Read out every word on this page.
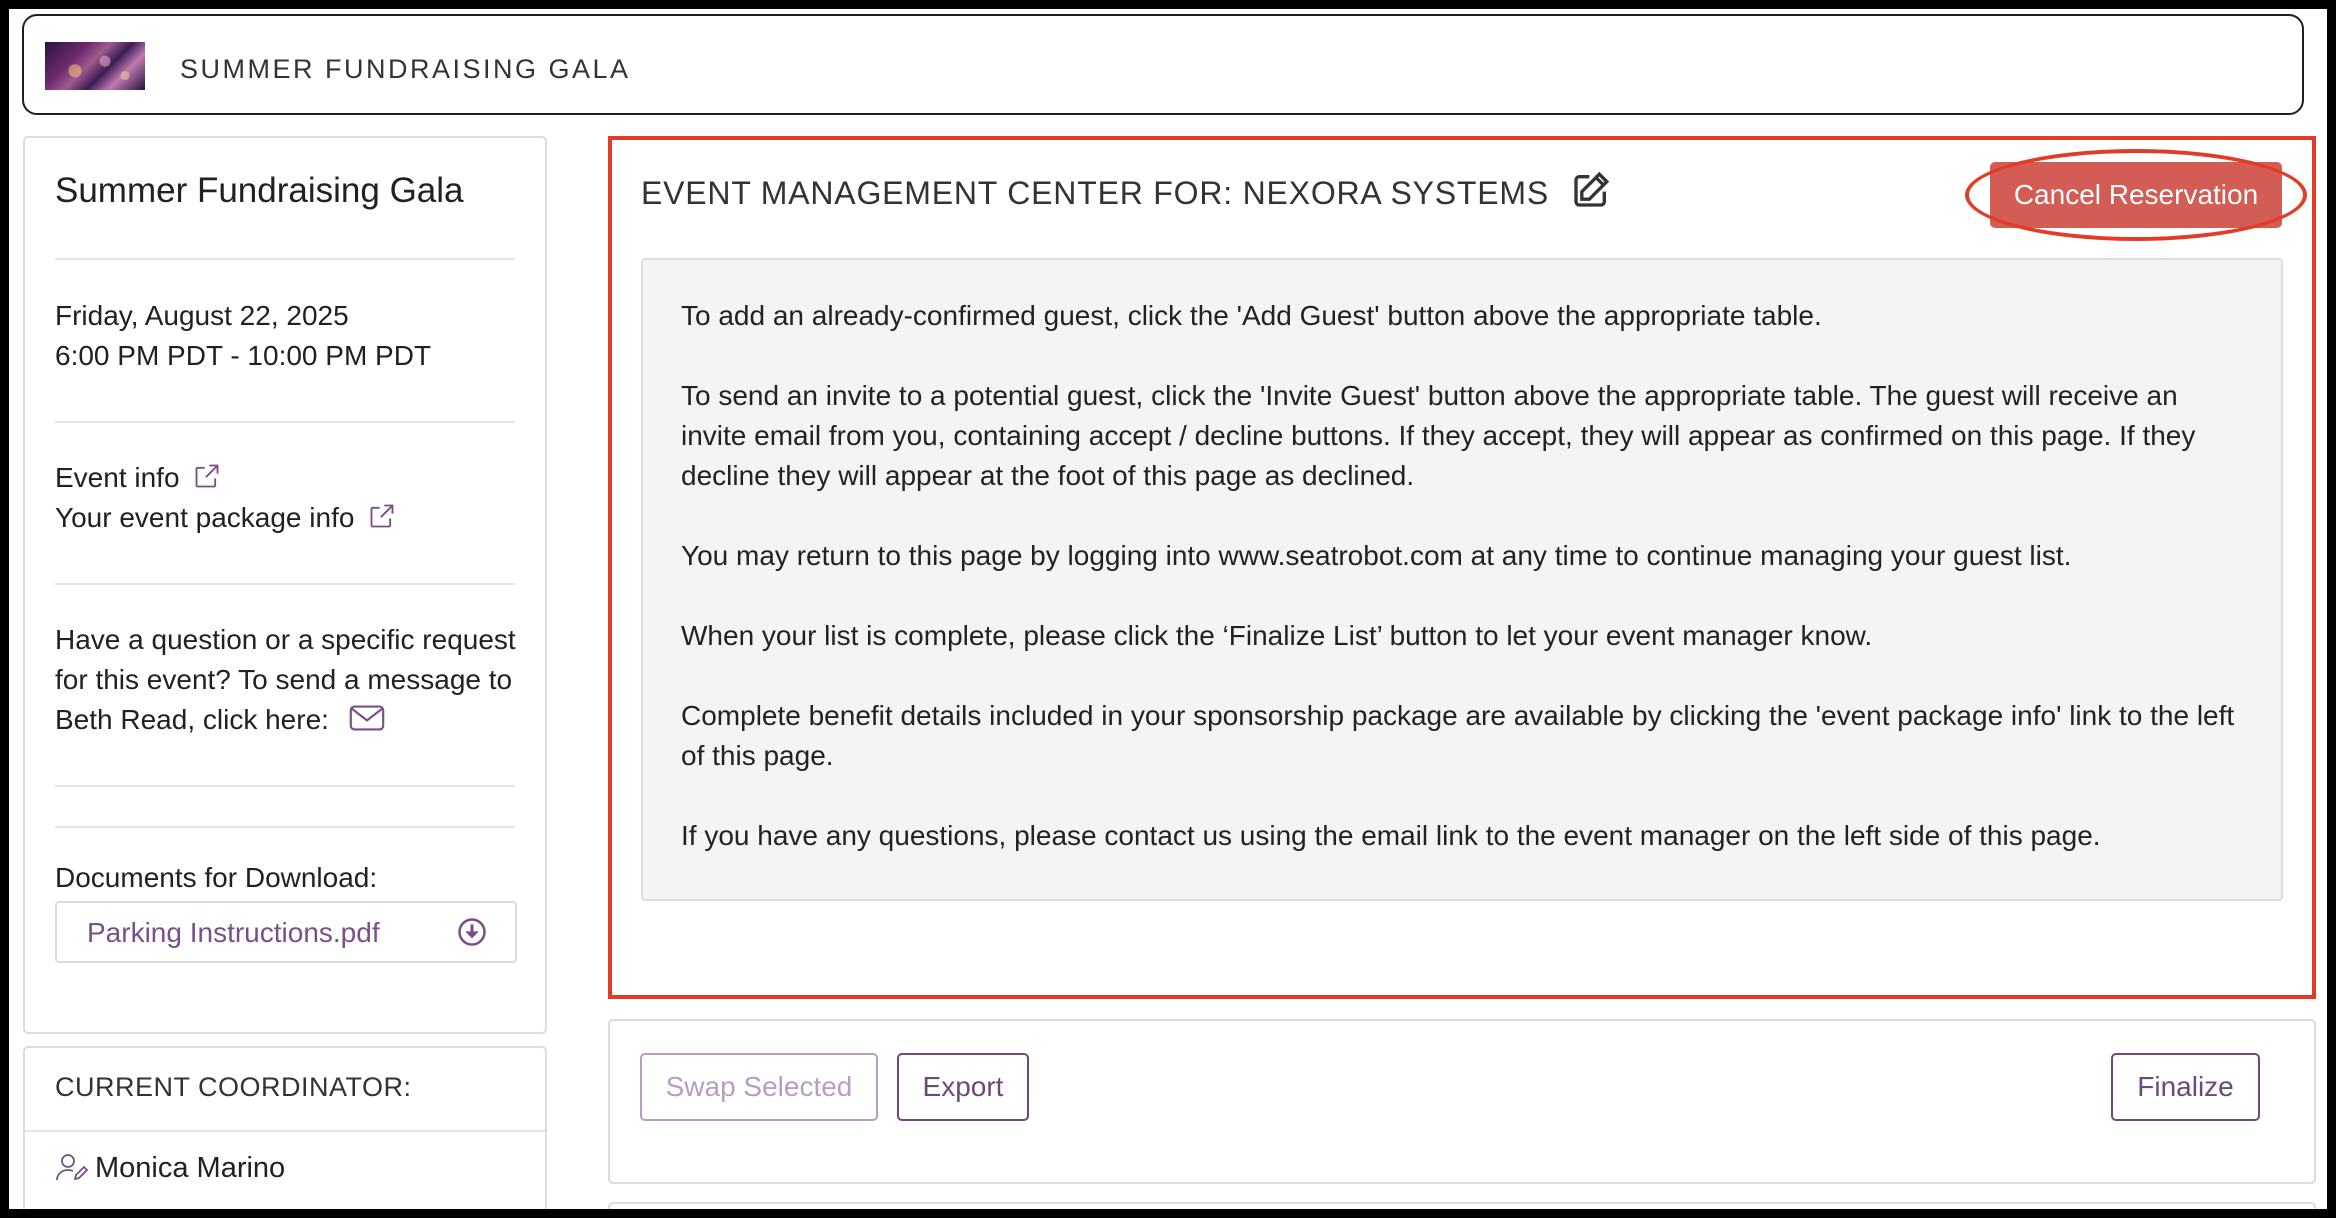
SUMMER FUNDRAISING GALA
Summer Fundraising Gala
Friday, August 22, 2025
6:00 PM PDT - 10:00 PM PDT
Event info
Your event package info
Have a question or a specific request
for this event? To send a message to
Beth Read, click here:
Documents for Download:
Parking Instructions.pdf
CURRENT COORDINATOR:
Monica Marino
EVENT MANAGEMENT CENTER FOR: NEXORA SYSTEMS	Cancel Reservation

To add an already-confirmed guest, click the 'Add Guest' button above the appropriate table.

To send an invite to a potential guest, click the 'Invite Guest' button above the appropriate table. The guest will receive an invite email from you, containing accept / decline buttons. If they accept, they will appear as confirmed on this page. If they decline they will appear at the foot of this page as declined.

You may return to this page by logging into www.seatrobot.com at any time to continue managing your guest list.

When your list is complete, please click the ‘Finalize List’ button to let your event manager know.

Complete benefit details included in your sponsorship package are available by clicking the 'event package info' link to the left of this page.

If you have any questions, please contact us using the email link to the event manager on the left side of this page.

Swap Selected	Export	Finalize
